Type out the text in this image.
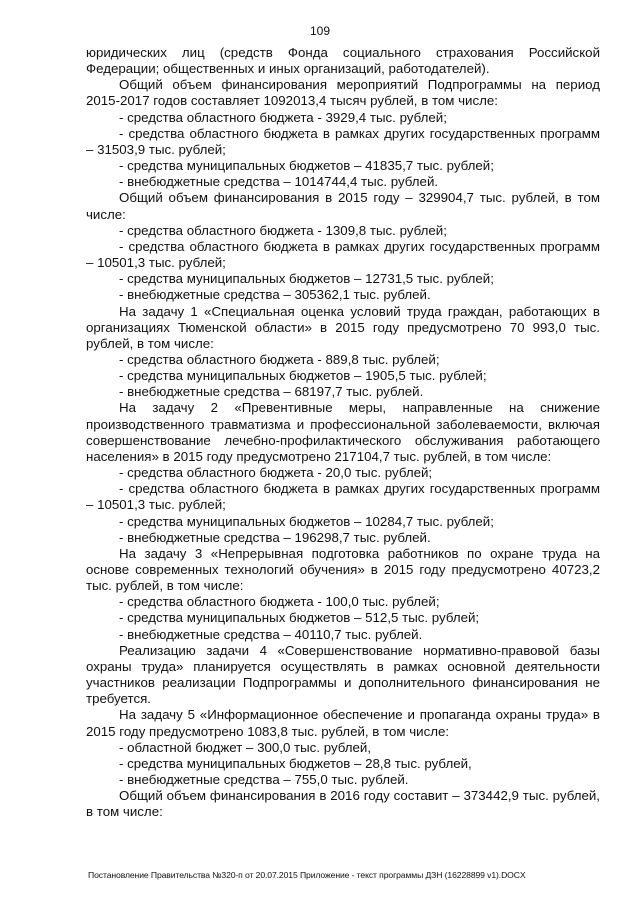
109

юридических лиц (средств Фонда социального страхования Российской Федерации; общественных и иных организаций, работодателей).

Общий объем финансирования мероприятий Подпрограммы на период 2015-2017 годов составляет 1092013,4 тысяч рублей, в том числе:

- средства областного бюджета - 3929,4 тыс. рублей;

- средства областного бюджета в рамках других государственных программ – 31503,9 тыс. рублей;

- средства муниципальных бюджетов – 41835,7 тыс. рублей;

- внебюджетные средства – 1014744,4 тыс. рублей.

Общий объем финансирования в 2015 году – 329904,7 тыс. рублей, в том числе:

- средства областного бюджета - 1309,8 тыс. рублей;

- средства областного бюджета в рамках других государственных программ – 10501,3 тыс. рублей;

- средства муниципальных бюджетов – 12731,5 тыс. рублей;

- внебюджетные средства – 305362,1 тыс. рублей.

На задачу 1 «Специальная оценка условий труда граждан, работающих в организациях Тюменской области» в 2015 году предусмотрено 70 993,0 тыс. рублей, в том числе:

- средства областного бюджета - 889,8 тыс. рублей;

- средства муниципальных бюджетов – 1905,5 тыс. рублей;

- внебюджетные средства – 68197,7 тыс. рублей.

На задачу 2 «Превентивные меры, направленные на снижение производственного травматизма и профессиональной заболеваемости, включая совершенствование лечебно-профилактического обслуживания работающего населения» в 2015 году предусмотрено 217104,7 тыс. рублей, в том числе:

- средства областного бюджета - 20,0 тыс. рублей;

- средства областного бюджета в рамках других государственных программ – 10501,3 тыс. рублей;

- средства муниципальных бюджетов – 10284,7 тыс. рублей;

- внебюджетные средства – 196298,7 тыс. рублей.

На задачу 3 «Непрерывная подготовка работников по охране труда на основе современных технологий обучения» в 2015 году предусмотрено 40723,2 тыс. рублей, в том числе:

- средства областного бюджета - 100,0 тыс. рублей;

- средства муниципальных бюджетов – 512,5 тыс. рублей;

- внебюджетные средства – 40110,7 тыс. рублей.

Реализацию задачи 4 «Совершенствование нормативно-правовой базы охраны труда» планируется осуществлять в рамках основной деятельности участников реализации Подпрограммы и дополнительного финансирования не требуется.

На задачу 5 «Информационное обеспечение и пропаганда охраны труда» в 2015 году предусмотрено 1083,8 тыс. рублей, в том числе:

- областной бюджет – 300,0 тыс. рублей,

- средства муниципальных бюджетов – 28,8 тыс. рублей,

- внебюджетные средства – 755,0 тыс. рублей.

Общий объем финансирования в 2016 году составит – 373442,9 тыс. рублей, в том числе:

Постановление Правительства №320-п от 20.07.2015 Приложение - текст программы ДЗН (16228899 v1).DOCX
